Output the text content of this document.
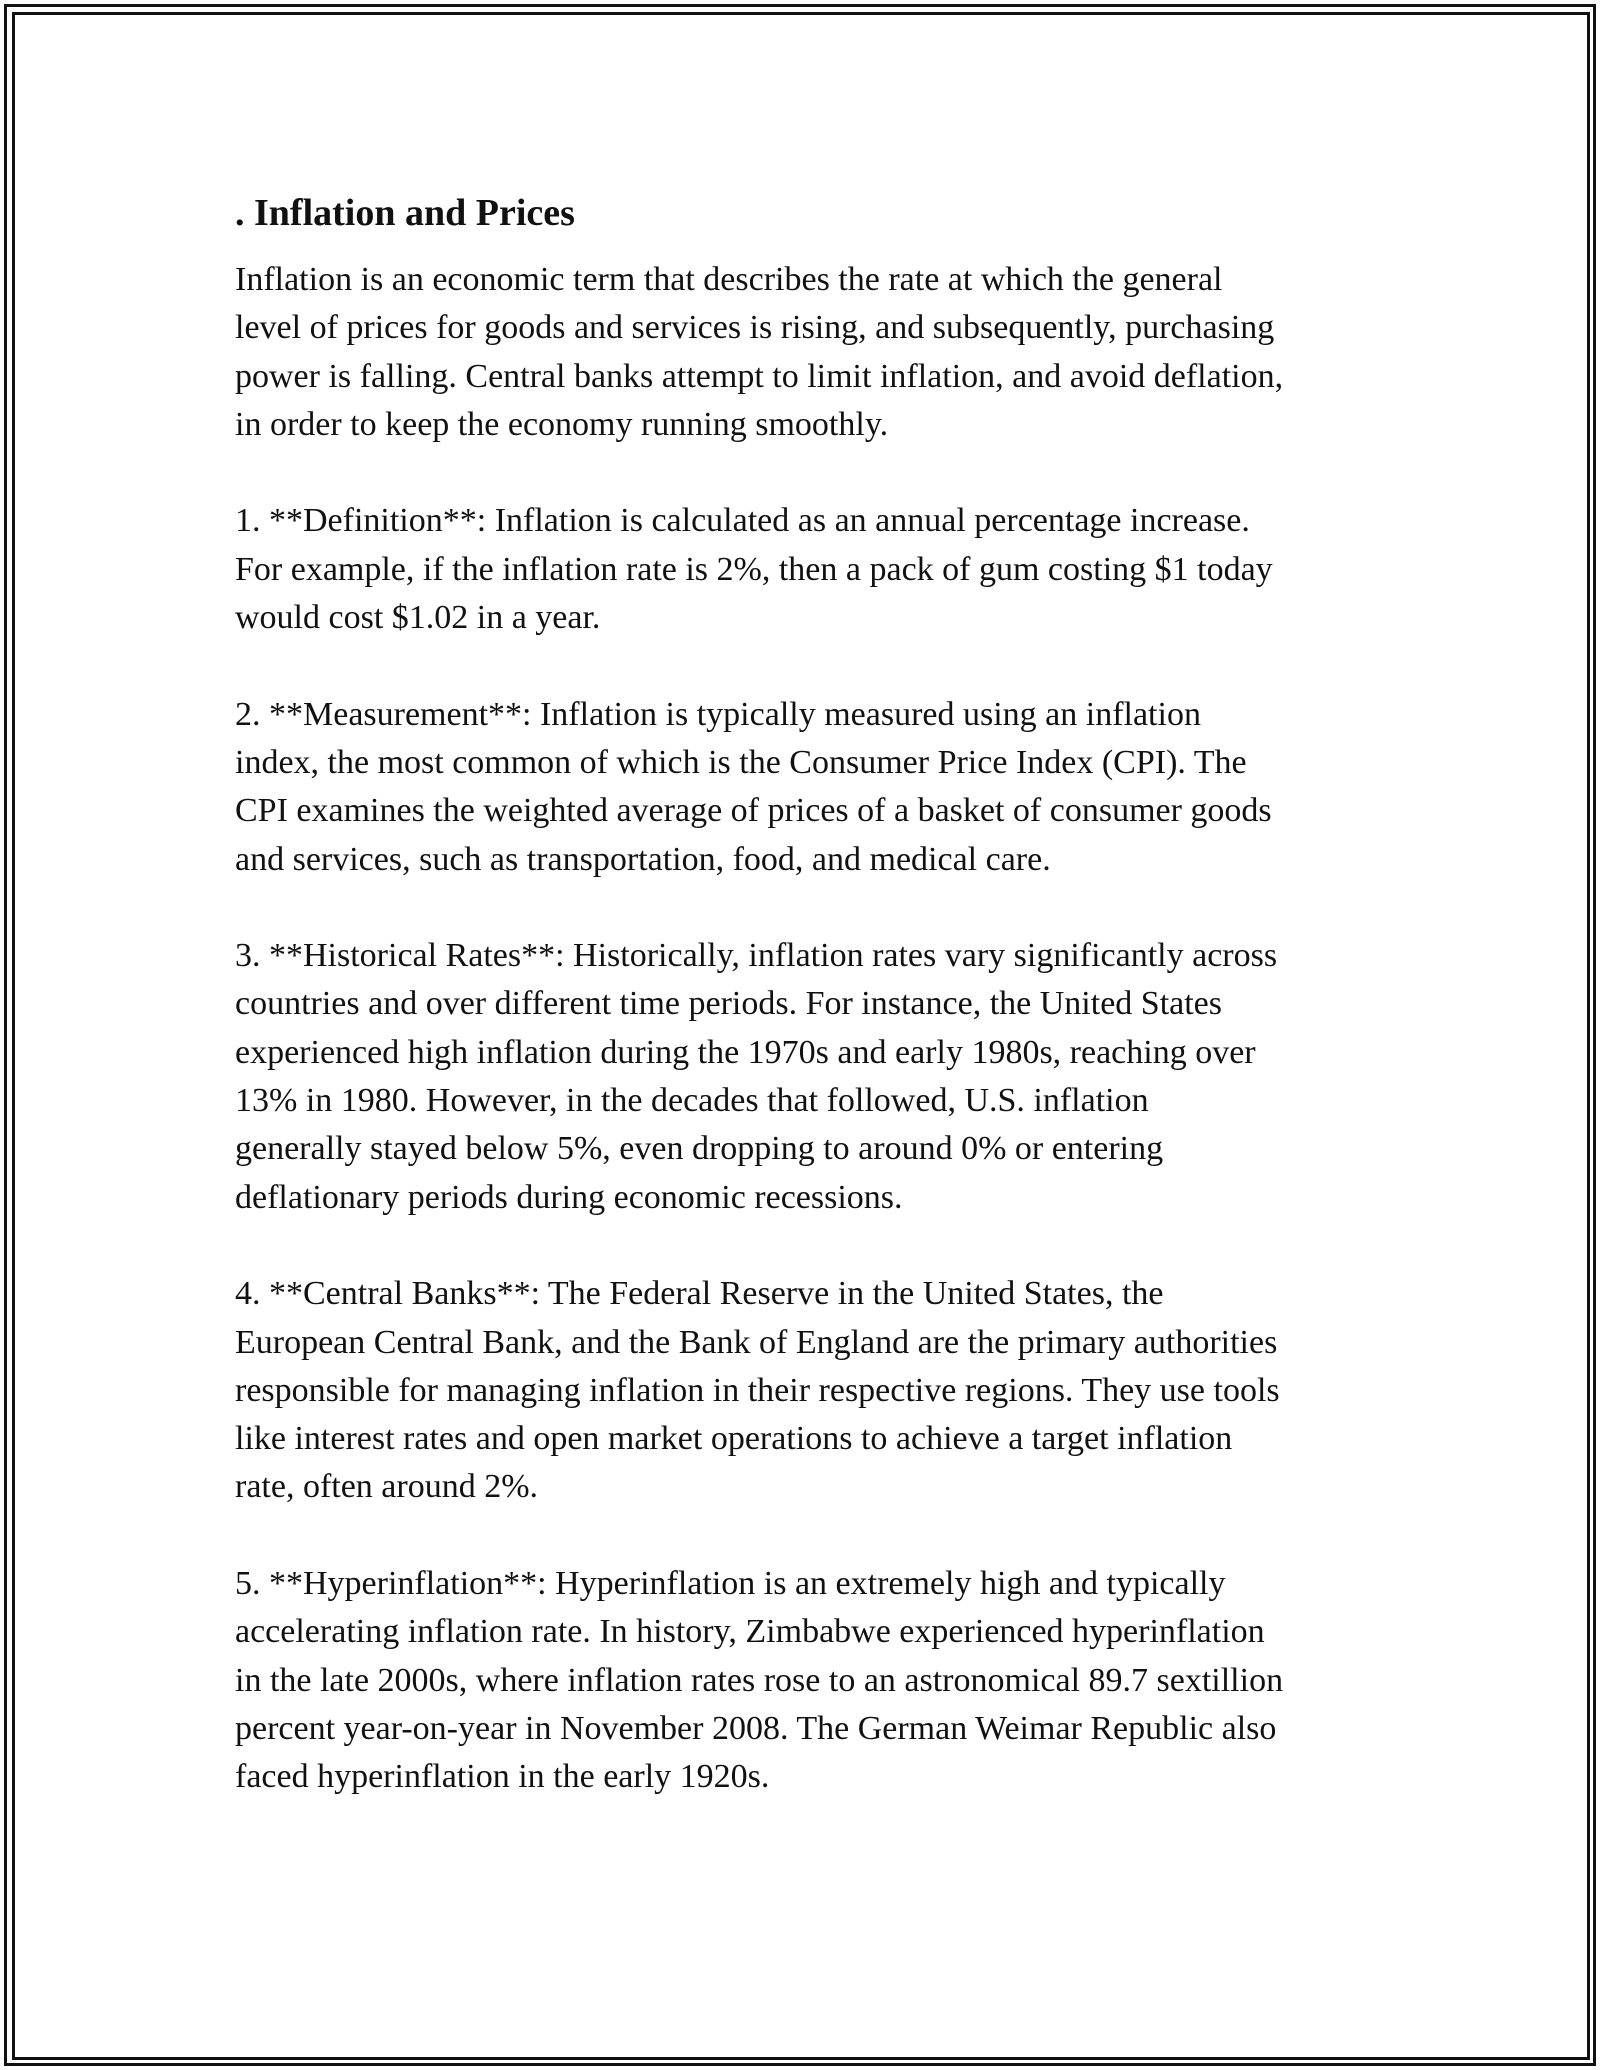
. Inflation and Prices

Inflation is an economic term that describes the rate at which the general
level of prices for goods and services is rising, and subsequently, purchasing
power is falling. Central banks attempt to limit inflation, and avoid deflation,
in order to keep the economy running smoothly.

1. **Definition**: Inflation is calculated as an annual percentage increase.
For example, if the inflation rate is 2%, then a pack of gum costing $1 today
would cost $1.02 in a year.

2. **Measurement**: Inflation is typically measured using an inflation
index, the most common of which is the Consumer Price Index (CPI). The
CPI examines the weighted average of prices of a basket of consumer goods
and services, such as transportation, food, and medical care.

3. **Historical Rates**: Historically, inflation rates vary significantly across
countries and over different time periods. For instance, the United States
experienced high inflation during the 1970s and early 1980s, reaching over
13% in 1980. However, in the decades that followed, U.S. inflation
generally stayed below 5%, even dropping to around 0% or entering
deflationary periods during economic recessions.

4. **Central Banks**: The Federal Reserve in the United States, the
European Central Bank, and the Bank of England are the primary authorities
responsible for managing inflation in their respective regions. They use tools
like interest rates and open market operations to achieve a target inflation
rate, often around 2%.

5. **Hyperinflation**: Hyperinflation is an extremely high and typically
accelerating inflation rate. In history, Zimbabwe experienced hyperinflation
in the late 2000s, where inflation rates rose to an astronomical 89.7 sextillion
percent year-on-year in November 2008. The German Weimar Republic also
faced hyperinflation in the early 1920s.
